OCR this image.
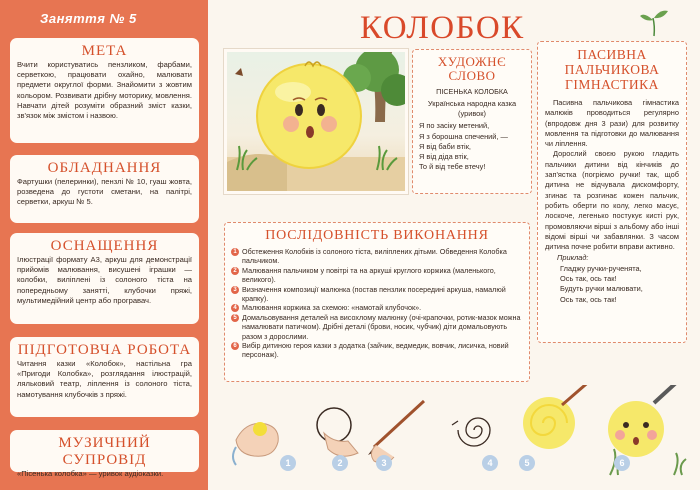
Заняття № 5
МЕТА

Вчити користуватись пензликом, фарбами, серветкою, працювати охайно, малювати предмети округлої форми. Знайомити з жовтим кольором. Розвивати дрібну моторику, мовлення. Навчати дітей розуміти образний зміст казки, зв'язок між змістом і назвою.

ОБЛАДНАННЯ

Фартушки (пелеринки), пензлі № 10, гуаш жовта, розведена до густоти сметани, на палітрі, серветки, аркуш № 5.

ОСНАЩЕННЯ

Ілюстрації формату А3, аркуш для демонстрації прийомів малювання, висушені іграшки — колобки, виліплені із солоного тіста на попередньому занятті, клубочки пряжі, мультимедійний центр або програвач.

ПІДГОТОВЧА РОБОТА

Читання казки «Колобок», настільна гра «Пригоди Колобка», розглядання ілюстрацій, ляльковий театр, ліплення із солоного тіста, намотування клубочків з пряжі.

МУЗИЧНИЙ СУПРОВІД

«Пісенька колобка» — уривок аудіоказки.

КОЛОБОК
ХУДОЖНЄ
СЛОВО
ПІСЕНЬКА КОЛОБКА

Українська народна казка

(уривок)

Я по засіку метений,

Я з борошна спечений, —

Я від баби втік,

Я від діда втік,

То й від тебе втечу!

ПАСИВНА
ПАЛЬЧИКОВА
ГІМНАСТИКА

Пасивна пальчикова гімнастика малюків проводиться регулярно (впродовж дня 3 рази) для розвитку мовлення та підготовки до малювання чи ліплення.

Дорослий своєю рукою гладить пальчики дитини від кінчиків до зап'ястка (погріємо ручки! так, щоб дитина не відчувала дискомфорту, згинає та розгинає кожен пальчик, робить оберти по колу, легко масує, лоскоче, легенько постукує кисті рук, промовляючи вірші з альбому або інші відомі вірші чи забавлянки. З часом дитина почне робити вправи активно.

Приклад:

Гладжу ручки-рученята,

Ось так, ось так!

Будуть ручки малювати,

Ось так, ось так!

ПОСЛІДОВНІСТЬ ВИКОНАННЯ
1 Обстеження Колобків із солоного тіста, виліплених дітьми. Обведення Колобка пальчиком.
2 Малювання пальчиком у повітрі та на аркуші круглого коржика (маленького, великого).
3 Визначення композиції малюнка (постав пензлик посередині аркуша, намалюй крапку).
4 Малювання коржика за схемою: «намотай клубочок».
5 Домальовування деталей на висохлому малюнку (очі-крапочки, ротик-мазок можна намалювати патичком). Дрібні деталі (брови, носик, чубчик) діти домальовують разом з дорослими.
6 Вибір дитиною героя казки з додатка (зайчик, ведмедик, вовчик, лисичка, новий персонаж).
1	2	3	4	5	6
